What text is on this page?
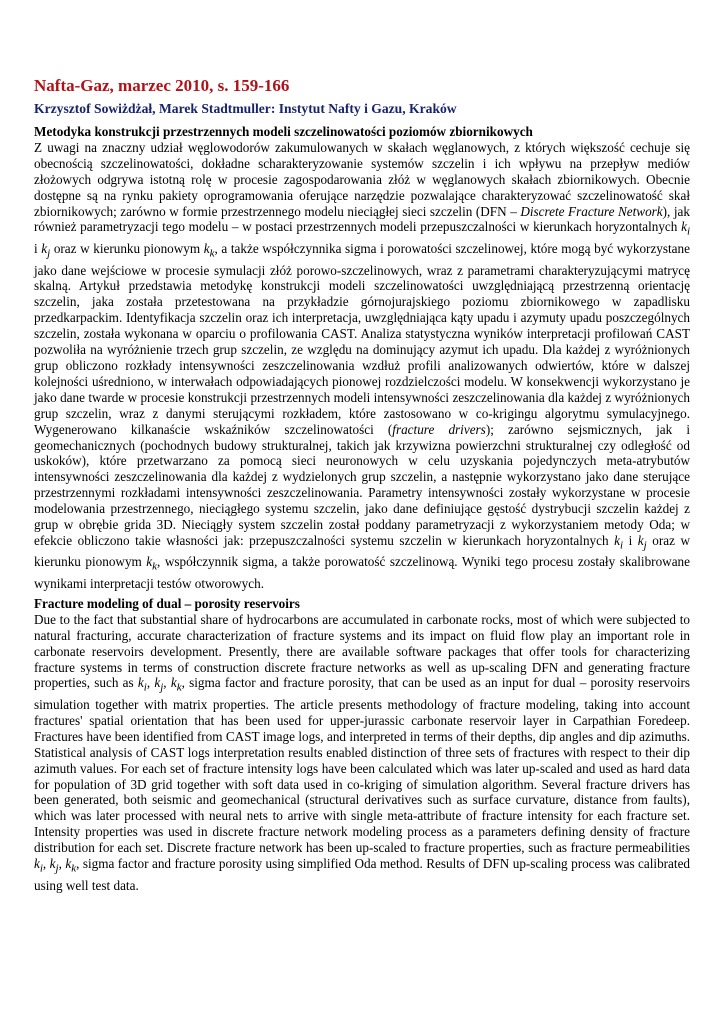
Nafta-Gaz, marzec 2010, s. 159-166
Krzysztof Sowiżdżał, Marek Stadtmuller: Instytut Nafty i Gazu, Kraków
Metodyka konstrukcji przestrzennych modeli szczelinowatości poziomów zbiornikowych

Z uwagi na znaczny udział węglowodorów zakumulowanych w skałach węglanowych, z których większość cechuje się obecnością szczelinowatości, dokładne scharakteryzowanie systemów szczelin i ich wpływu na przepływ mediów złożowych odgrywa istotną rolę w procesie zagospodarowania złóż w węglanowych skałach zbiornikowych. Obecnie dostępne są na rynku pakiety oprogramowania oferujące narzędzie pozwalające charakteryzować szczelinowatość skał zbiornikowych; zarówno w formie przestrzennego modelu nieciągłej sieci szczelin (DFN – Discrete Fracture Network), jak również parametryzacji tego modelu – w postaci przestrzennych modeli przepuszczalności w kierunkach horyzontalnych $k_i$ i $k_j$ oraz w kierunku pionowym $k_k$, a także współczynnika sigma i porowatości szczelinowej, które mogą być wykorzystane jako dane wejściowe w procesie symulacji złóż porowo-szczelinowych, wraz z parametrami charakteryzującymi matrycę skalną. Artykuł przedstawia metodykę konstrukcji modeli szczelinowatości uwzględniającą przestrzenną orientację szczelin, jaka została przetestowana na przykładzie górnojurajskiego poziomu zbiornikowego w zapadlisku przedkarpackim. Identyfikacja szczelin oraz ich interpretacja, uwzględniająca kąty upadu i azymuty upadu poszczególnych szczelin, została wykonana w oparciu o profilowania CAST. Analiza statystyczna wyników interpretacji profilowań CAST pozwoliła na wyróżnienie trzech grup szczelin, ze względu na dominujący azymut ich upadu. Dla każdej z wyróżnionych grup obliczono rozkłady intensywności zeszczelinowania wzdłuż profili analizowanych odwiertów, które w dalszej kolejności uśredniono, w interwałach odpowiadających pionowej rozdzielczości modelu. W konsekwencji wykorzystano je jako dane twarde w procesie konstrukcji przestrzennych modeli intensywności zeszczelinowania dla każdej z wyróżnionych grup szczelin, wraz z danymi sterującymi rozkładem, które zastosowano w co-krigingu algorytmu symulacyjnego. Wygenerowano kilkanaście wskaźników szczelinowatości (fracture drivers); zarówno sejsmicznych, jak i geomechanicznych (pochodnych budowy strukturalnej, takich jak krzywizna powierzchni strukturalnej czy odległość od uskoków), które przetwarzano za pomocą sieci neuronowych w celu uzyskania pojedynczych meta-atrybutów intensywności zeszczelinowania dla każdej z wydzielonych grup szczelin, a następnie wykorzystano jako dane sterujące przestrzennymi rozkładami intensywności zeszczelinowania. Parametry intensywności zostały wykorzystane w procesie modelowania przestrzennego, nieciągłego systemu szczelin, jako dane definiujące gęstość dystrybucji szczelin każdej z grup w obrębie grida 3D. Nieciągły system szczelin został poddany parametryzacji z wykorzystaniem metody Oda; w efekcie obliczono takie własności jak: przepuszczalności systemu szczelin w kierunkach horyzontalnych $k_i$ i $k_j$ oraz w kierunku pionowym $k_k$, współczynnik sigma, a także porowatość szczelinową. Wyniki tego procesu zostały skalibrowane wynikami interpretacji testów otworowych.

Fracture modeling of dual – porosity reservoirs

Due to the fact that substantial share of hydrocarbons are accumulated in carbonate rocks, most of which were subjected to natural fracturing, accurate characterization of fracture systems and its impact on fluid flow play an important role in carbonate reservoirs development. Presently, there are available software packages that offer tools for characterizing fracture systems in terms of construction discrete fracture networks as well as up-scaling DFN and generating fracture properties, such as $k_i$, $k_j$, $k_k$, sigma factor and fracture porosity, that can be used as an input for dual – porosity reservoirs simulation together with matrix properties. The article presents methodology of fracture modeling, taking into account fractures' spatial orientation that has been used for upper-jurassic carbonate reservoir layer in Carpathian Foredeep. Fractures have been identified from CAST image logs, and interpreted in terms of their depths, dip angles and dip azimuths. Statistical analysis of CAST logs interpretation results enabled distinction of three sets of fractures with respect to their dip azimuth values. For each set of fracture intensity logs have been calculated which was later up-scaled and used as hard data for population of 3D grid together with soft data used in co-kriging of simulation algorithm. Several fracture drivers has been generated, both seismic and geomechanical (structural derivatives such as surface curvature, distance from faults), which was later processed with neural nets to arrive with single meta-attribute of fracture intensity for each fracture set. Intensity properties was used in discrete fracture network modeling process as a parameters defining density of fracture distribution for each set. Discrete fracture network has been up-scaled to fracture properties, such as fracture permeabilities $k_i$, $k_j$, $k_k$, sigma factor and fracture porosity using simplified Oda method. Results of DFN up-scaling process was calibrated using well test data.
